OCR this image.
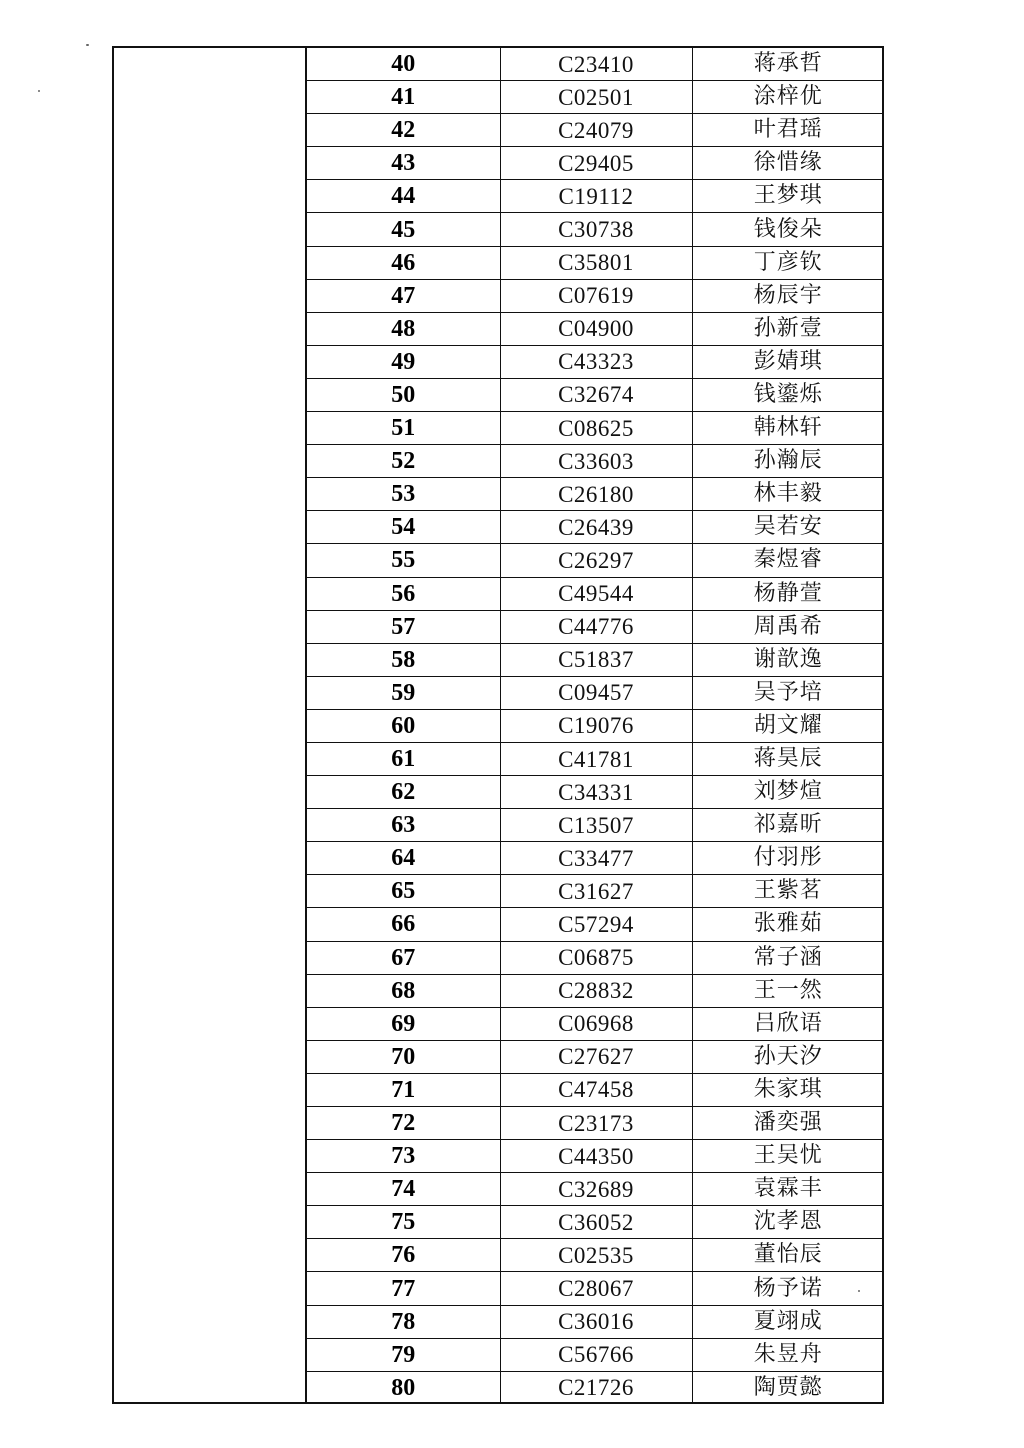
40	C23410	蒋承哲
41	C02501	涂梓优
42	C24079	叶君瑶
43	C29405	徐惜缘
44	C19112	王梦琪
45	C30738	钱俊朵
46	C35801	丁彦钦
47	C07619	杨辰宇
48	C04900	孙新壹
49	C43323	彭婧琪
50	C32674	钱鎏烁
51	C08625	韩林轩
52	C33603	孙瀚辰
53	C26180	林丰毅
54	C26439	吴若安
55	C26297	秦煜睿
56	C49544	杨静萱
57	C44776	周禹希
58	C51837	谢歆逸
59	C09457	吴予培
60	C19076	胡文耀
61	C41781	蒋昊辰
62	C34331	刘梦煊
63	C13507	祁嘉昕
64	C33477	付羽彤
65	C31627	王紫茗
66	C57294	张雅茹
67	C06875	常子涵
68	C28832	王一然
69	C06968	吕欣语
70	C27627	孙天汐
71	C47458	朱家琪
72	C23173	潘奕强
73	C44350	王吴忧
74	C32689	袁霖丰
75	C36052	沈孝恩
76	C02535	董怡辰
77	C28067	杨予诺
78	C36016	夏翊成
79	C56766	朱昱舟
80	C21726	陶贾懿
